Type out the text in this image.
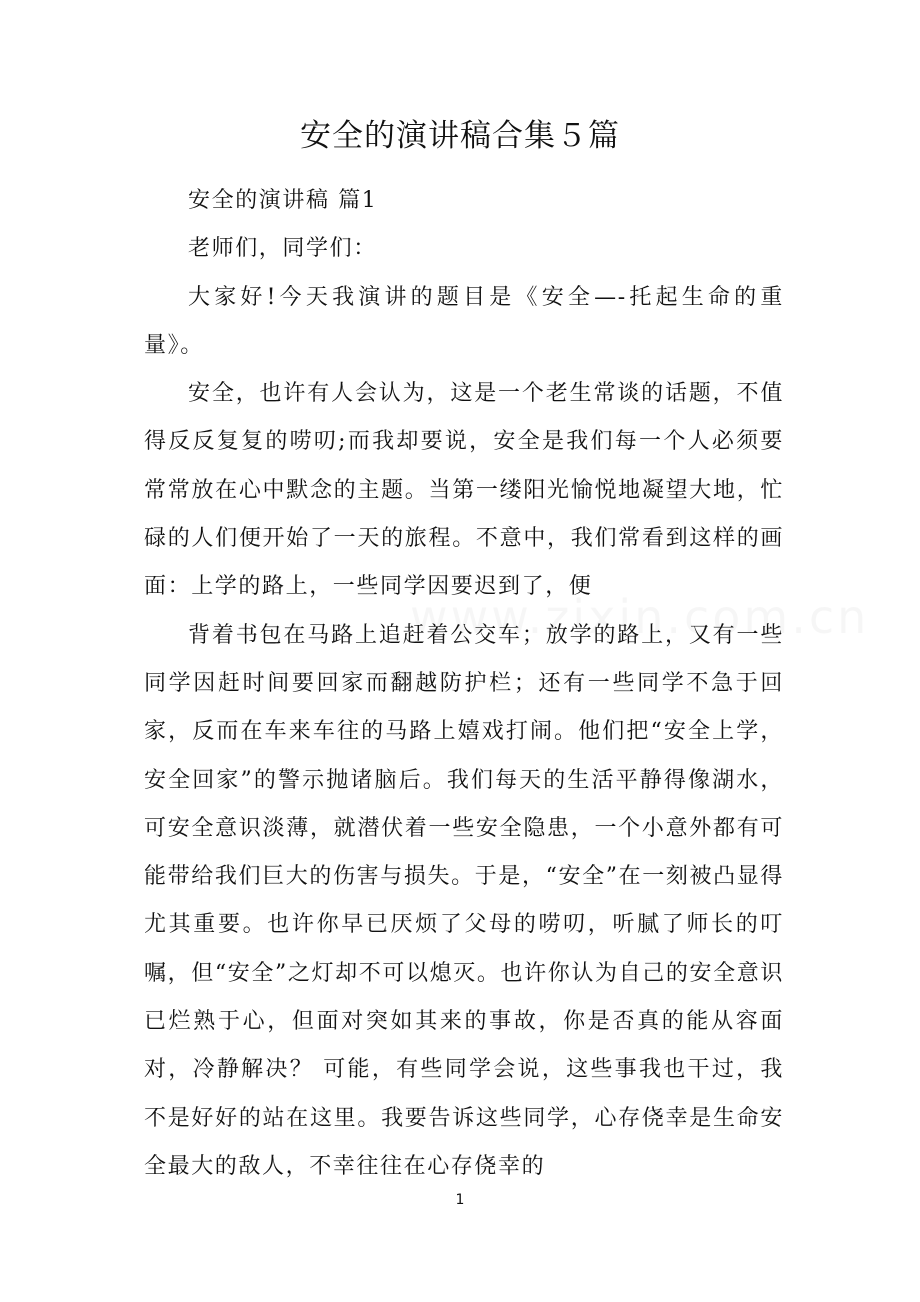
安全的演讲稿合集５篇

安全的演讲稿 篇1

老师们，同学们：

大家好!今天我演讲的题目是《安全—-托起生命的重量》。

安全，也许有人会认为，这是一个老生常谈的话题，不值得反反复复的唠叨;而我却要说，安全是我们每一个人必须要常常放在心中默念的主题。当第一缕阳光愉悦地凝望大地，忙碌的人们便开始了一天的旅程。不意中，我们常看到这样的画面：上学的路上，一些同学因要迟到了，便

背着书包在马路上追赶着公交车；放学的路上，又有一些同学因赶时间要回家而翻越防护栏；还有一些同学不急于回家，反而在车来车往的马路上嬉戏打闹。他们把“安全上学，安全回家”的警示抛诸脑后。我们每天的生活平静得像湖水，可安全意识淡薄，就潜伏着一些安全隐患，一个小意外都有可能带给我们巨大的伤害与损失。于是，“安全”在一刻被凸显得尤其重要。也许你早已厌烦了父母的唠叨，听腻了师长的叮嘱，但“安全”之灯却不可以熄灭。也许你认为自己的安全意识已烂熟于心，但面对突如其来的事故，你是否真的能从容面对，冷静解决？ 可能，有些同学会说，这些事我也干过，我不是好好的站在这里。我要告诉这些同学，心存侥幸是生命安全最大的敌人，不幸往往在心存侥幸的

1
